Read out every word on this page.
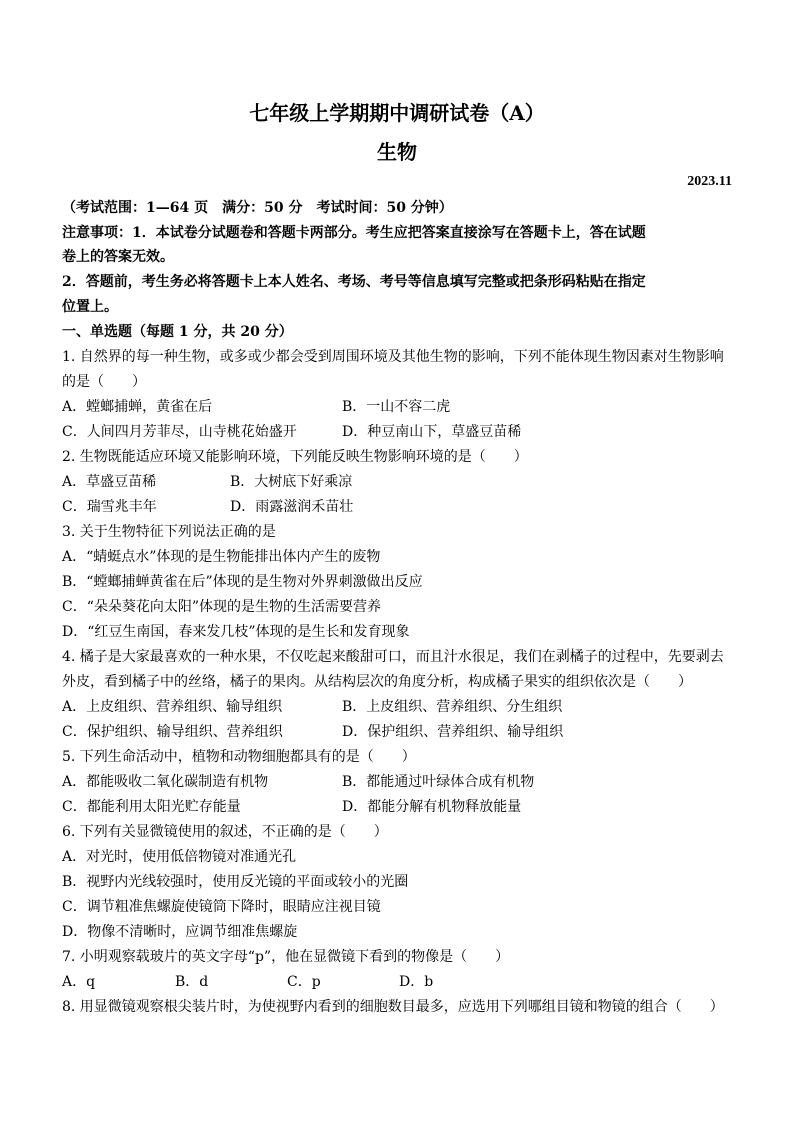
七年级上学期期中调研试卷（A）
生物
2023.11
（考试范围：1—64 页　满分：50 分　考试时间：50 分钟）
注意事项：1．本试卷分试题卷和答题卡两部分。考生应把答案直接涂写在答题卡上，答在试题
卷上的答案无效。
2．答题前，考生务必将答题卡上本人姓名、考场、考号等信息填写完整或把条形码粘贴在指定
位置上。
一、单选题（每题 1 分，共 20 分）
1. 自然界的每一种生物，或多或少都会受到周围环境及其他生物的影响，下列不能体现生物因素对生物影响
的是（　　）
A．螳螂捕蝉，黄雀在后	B．一山不容二虎
C．人间四月芳菲尽，山寺桃花始盛开	D．种豆南山下，草盛豆苗稀
2. 生物既能适应环境又能影响环境，下列能反映生物影响环境的是（　　）
A．草盛豆苗稀	B．大树底下好乘凉
C．瑞雪兆丰年	D．雨露滋润禾苗壮
3. 关于生物特征下列说法正确的是
A．“蜻蜓点水”体现的是生物能排出体内产生的废物
B．“螳螂捕蝉黄雀在后”体现的是生物对外界刺激做出反应
C．“朵朵葵花向太阳”体现的是生物的生活需要营养
D．“红豆生南国，春来发几枝”体现的是生长和发育现象
4. 橘子是大家最喜欢的一种水果，不仅吃起来酸甜可口，而且汁水很足，我们在剥橘子的过程中，先要剥去
外皮，看到橘子中的丝络，橘子的果肉。从结构层次的角度分析，构成橘子果实的组织依次是（　　）
A．上皮组织、营养组织、输导组织	B．上皮组织、营养组织、分生组织
C．保护组织、输导组织、营养组织	D．保护组织、营养组织、输导组织
5. 下列生命活动中，植物和动物细胞都具有的是（　　）
A．都能吸收二氧化碳制造有机物	B．都能通过叶绿体合成有机物
C．都能利用太阳光贮存能量	D．都能分解有机物释放能量
6. 下列有关显微镜使用的叙述，不正确的是（　　）
A．对光时，使用低倍物镜对准通光孔
B．视野内光线较强时，使用反光镜的平面或较小的光圈
C．调节粗准焦螺旋使镜筒下降时，眼睛应注视目镜
D．物像不清晰时，应调节细准焦螺旋
7. 小明观察载玻片的英文字母“p”，他在显微镜下看到的物像是（　　）
A．q	B．d	C．p	D．b
8. 用显微镜观察根尖装片时，为使视野内看到的细胞数目最多，应选用下列哪组目镜和物镜的组合（　　）
